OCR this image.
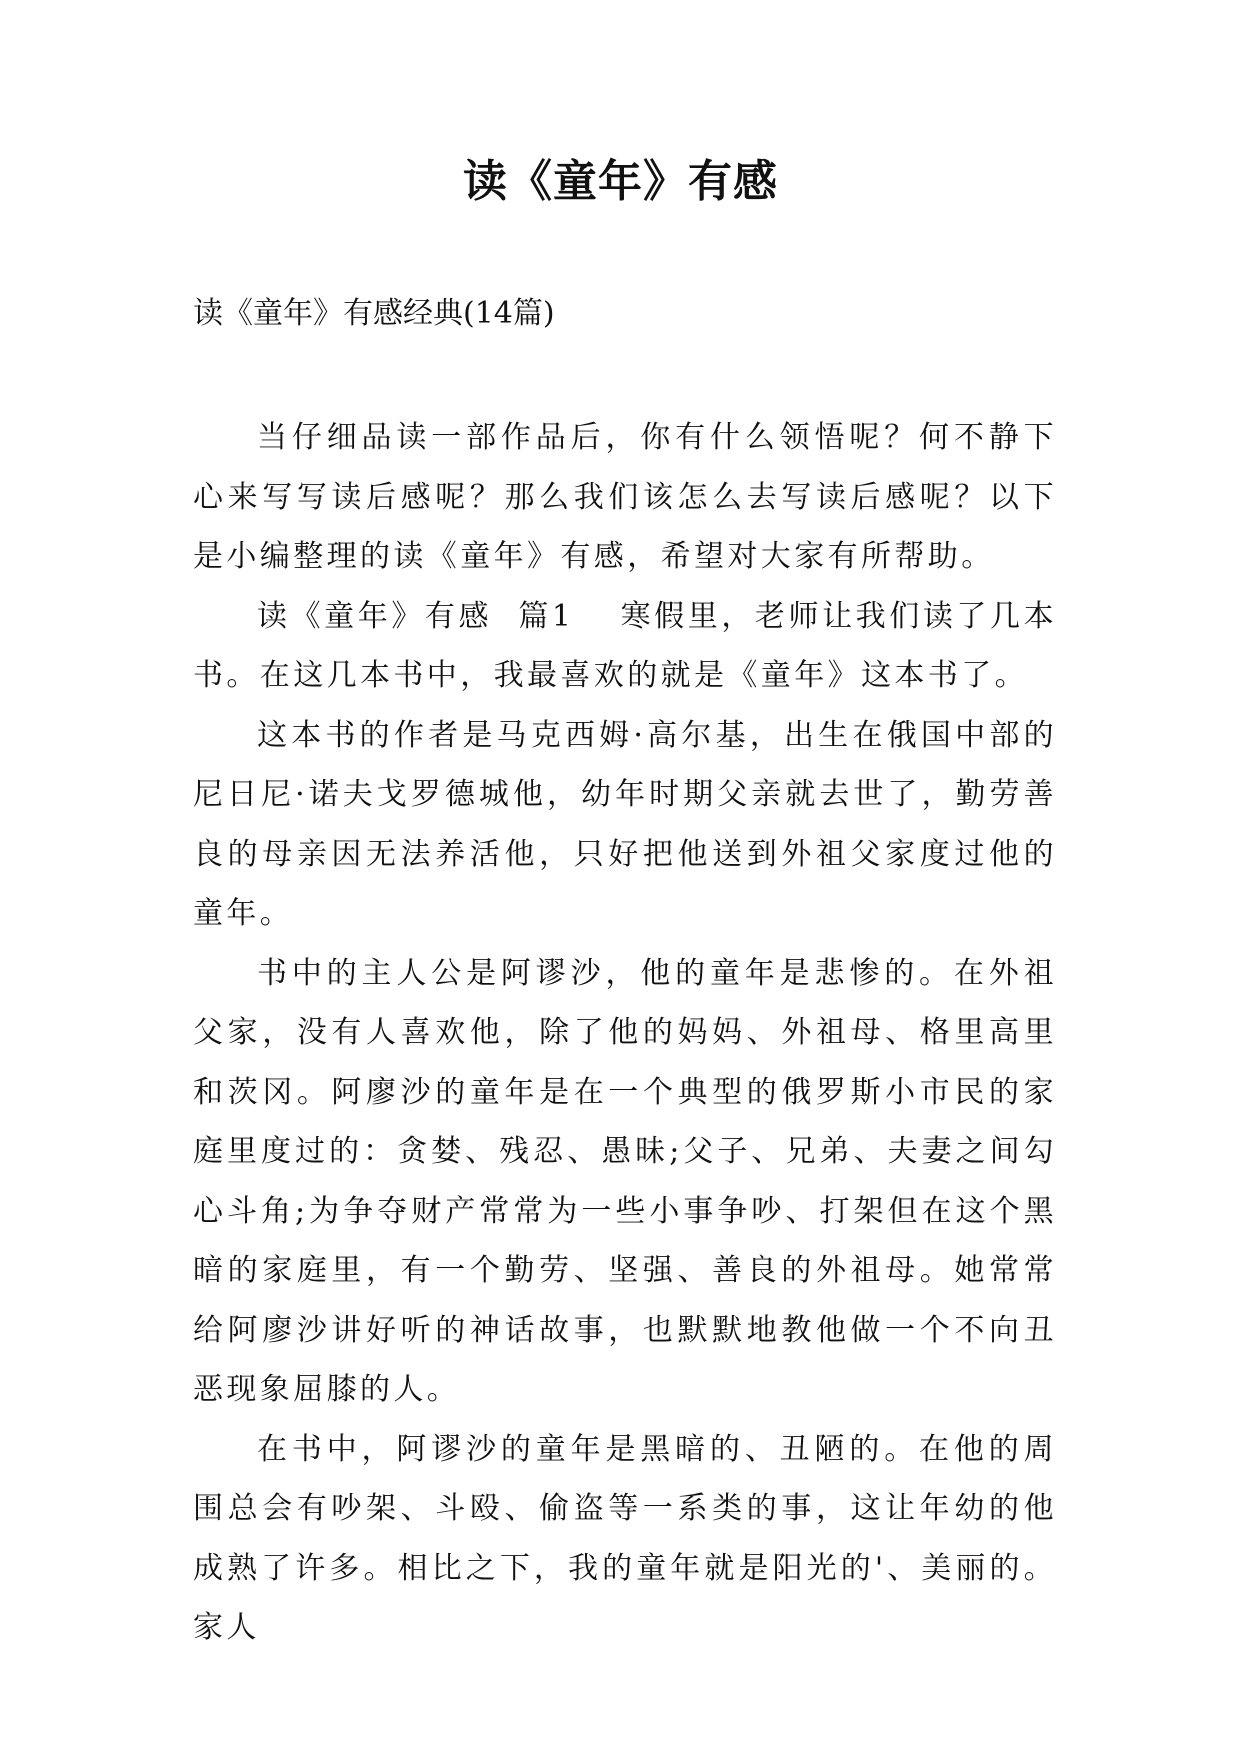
读《童年》有感

读《童年》有感经典(14篇)

当仔细品读一部作品后，你有什么领悟呢？何不静下心来写写读后感呢？那么我们该怎么去写读后感呢？以下是小编整理的读《童年》有感，希望对大家有所帮助。

读《童年》有感  篇1 寒假里，老师让我们读了几本书。在这几本书中，我最喜欢的就是《童年》这本书了。

这本书的作者是马克西姆·高尔基，出生在俄国中部的尼日尼·诺夫戈罗德城他，幼年时期父亲就去世了，勤劳善良的母亲因无法养活他，只好把他送到外祖父家度过他的童年。

书中的主人公是阿谬沙，他的童年是悲惨的。在外祖父家，没有人喜欢他，除了他的妈妈、外祖母、格里高里和茨冈。阿廖沙的童年是在一个典型的俄罗斯小市民的家庭里度过的：贪婪、残忍、愚昧;父子、兄弟、夫妻之间勾心斗角;为争夺财产常常为一些小事争吵、打架但在这个黑暗的家庭里，有一个勤劳、坚强、善良的外祖母。她常常给阿廖沙讲好听的神话故事，也默默地教他做一个不向丑恶现象屈膝的人。

在书中，阿谬沙的童年是黑暗的、丑陋的。在他的周围总会有吵架、斗殴、偷盗等一系类的事，这让年幼的他成熟了许多。相比之下，我的童年就是阳光的'、美丽的。家人
